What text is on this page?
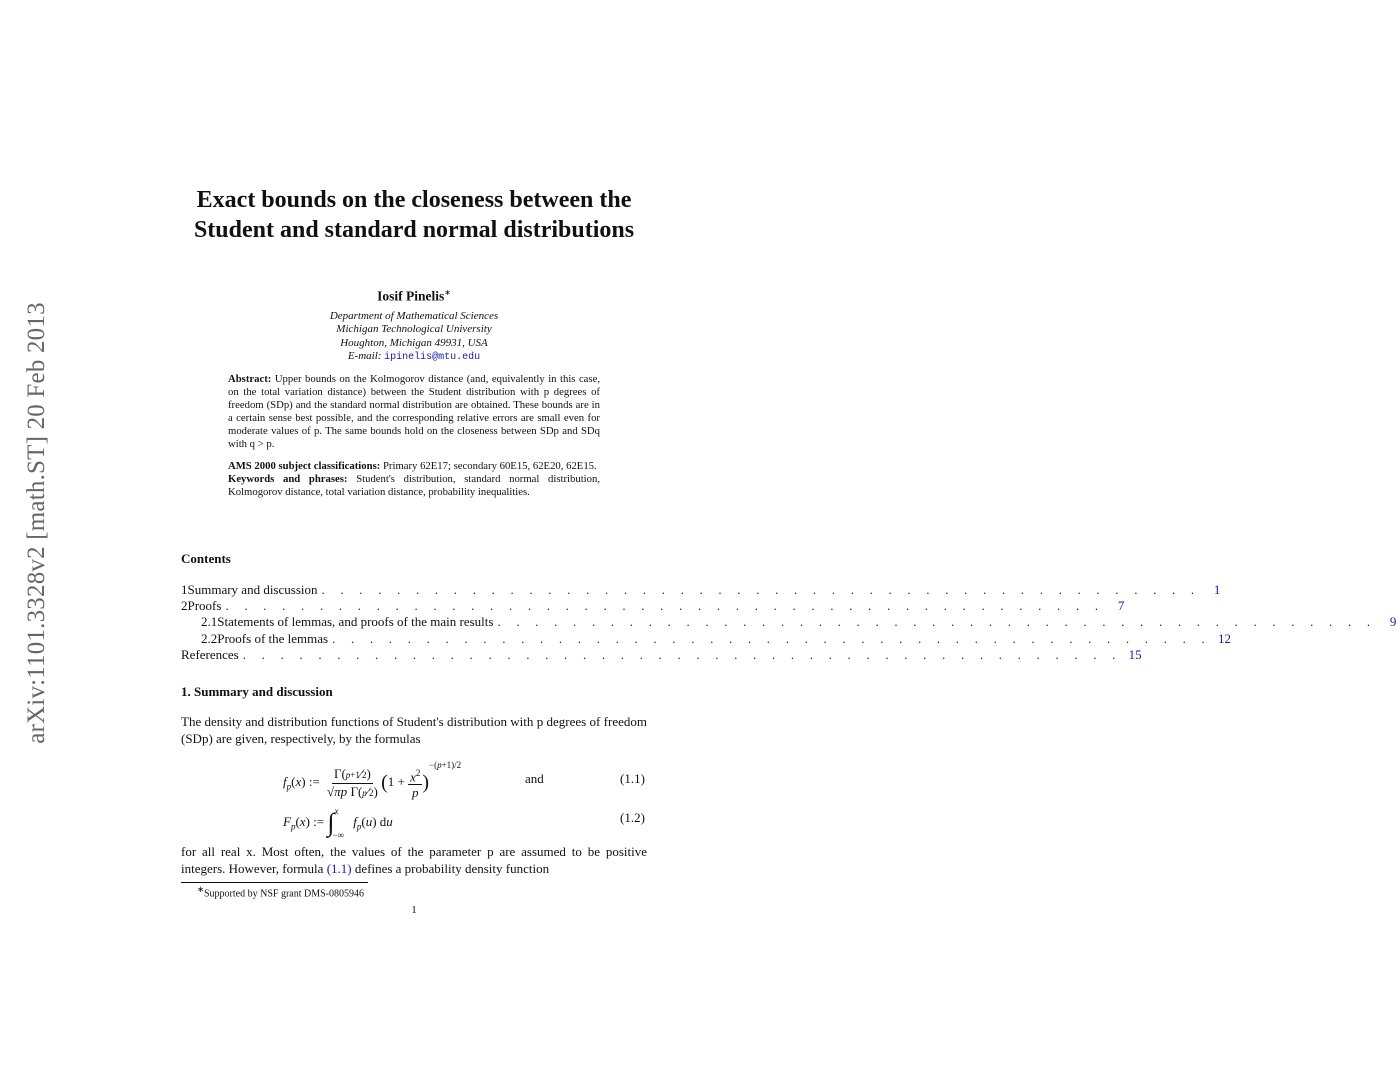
arXiv:1101.3328v2 [math.ST] 20 Feb 2013
Exact bounds on the closeness between the Student and standard normal distributions
Iosif Pinelis∗
Department of Mathematical Sciences
Michigan Technological University
Houghton, Michigan 49931, USA
E-mail: ipinelis@mtu.edu
Abstract: Upper bounds on the Kolmogorov distance (and, equivalently in this case, on the total variation distance) between the Student distribution with p degrees of freedom (SDp) and the standard normal distribution are obtained. These bounds are in a certain sense best possible, and the corresponding relative errors are small even for moderate values of p. The same bounds hold on the closeness between SDp and SDq with q > p.
AMS 2000 subject classifications: Primary 62E17; secondary 60E15, 62E20, 62E15.
Keywords and phrases: Student's distribution, standard normal distribution, Kolmogorov distance, total variation distance, probability inequalities.
Contents
1 Summary and discussion . . . . . . . . . . . . . . . . . . . . . . . . . . . . . . . . . . . . . . . . . . . . . . .	1
2 Proofs . . . . . . . . . . . . . . . . . . . . . . . . . . . . . . . . . . . . . . . . . . . . . . .	7
2.1 Statements of lemmas, and proofs of the main results . . . . . . . . . . . . . . . . . . . . . . . . . . . . . . . . . . . . . . . . . . . . . . .	9
2.2 Proofs of the lemmas . . . . . . . . . . . . . . . . . . . . . . . . . . . . . . . . . . . . . . . . . . . . . . . 12
References . . . . . . . . . . . . . . . . . . . . . . . . . . . . . . . . . . . . . . . . . . . . . . . 15
1. Summary and discussion
The density and distribution functions of Student's distribution with p degrees of freedom (SDp) are given, respectively, by the formulas
$f_p(x)$ := $\frac{\Gamma(p+1⁄2)}{\text{√πp Γ(p⁄2)}} (1 + \frac{x^2}{p} )^{-(p+1)/2}$
and	(1.1)
$F_p(x)$ := ∫$^x_{-\infty}$ $f_p(u)$ du	(1.2)
for all real x. Most often, the values of the parameter p are assumed to be positive integers. However, formula (1.1) defines a probability density function
∗Supported by NSF grant DMS-0805946
1
